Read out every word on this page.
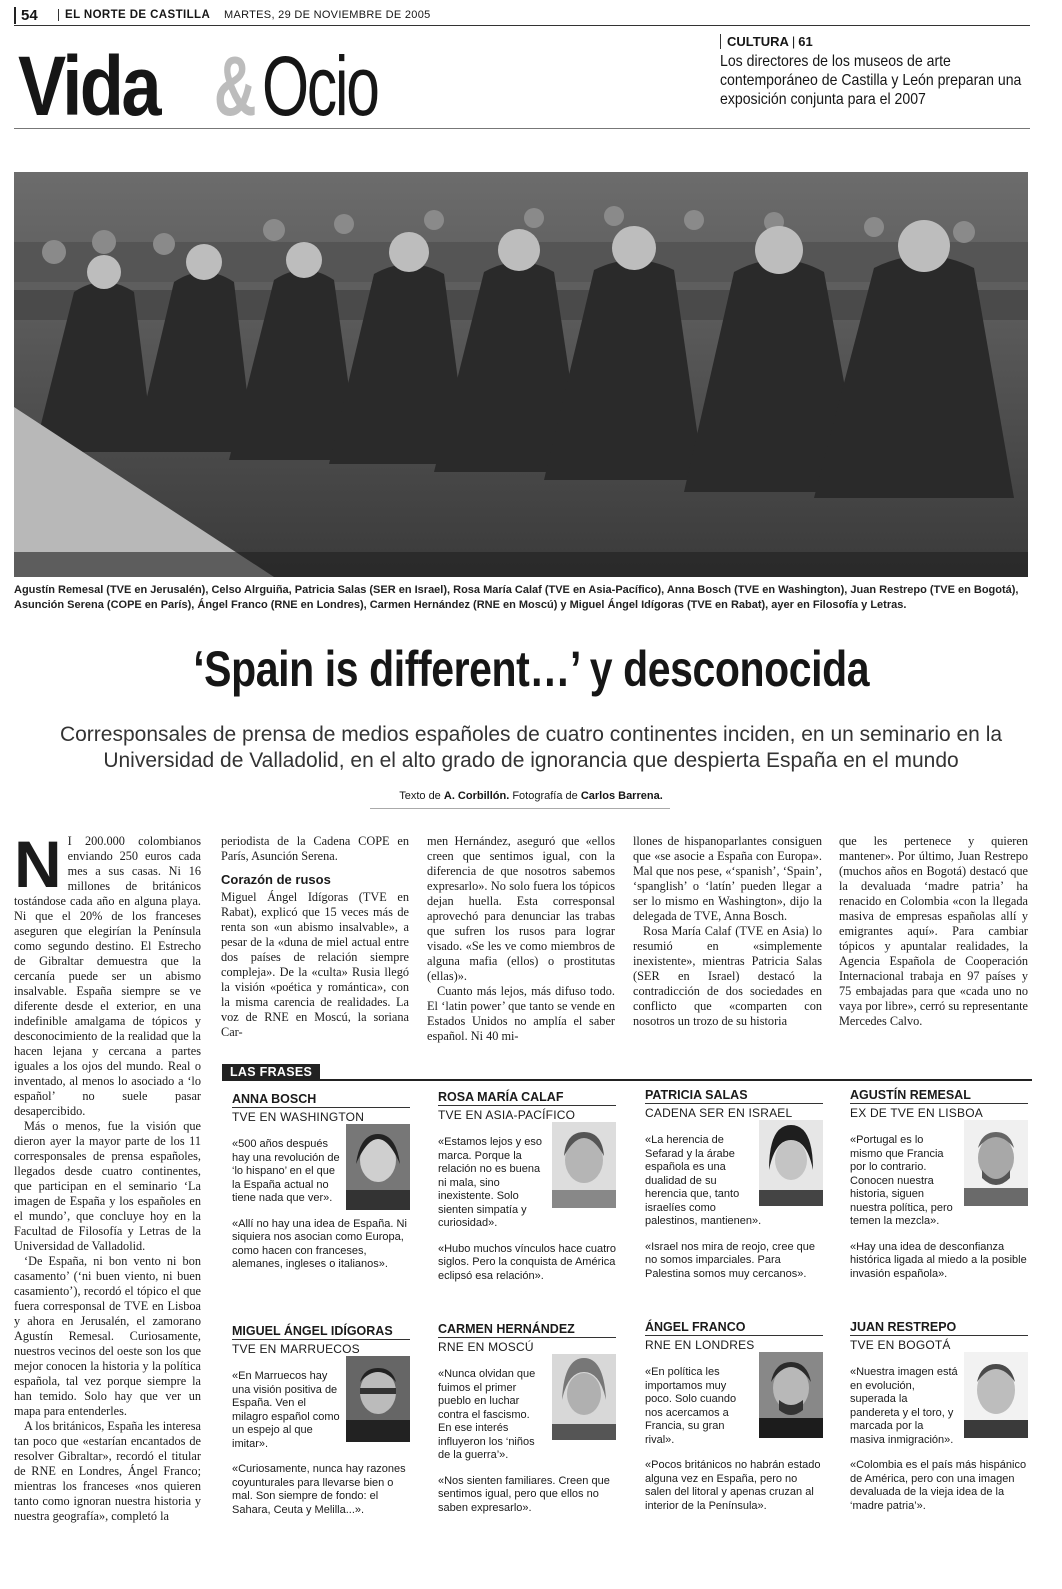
54	EL NORTE DE CASTILLA MARTES, 29 DE NOVIEMBRE DE 2005
Vida & Ocio	CULTURA | 61
Los directores de los museos de arte contemporáneo de Castilla y León preparan una exposición conjunta para el 2007
Agustín Remesal (TVE en Jerusalén), Celso Alrguiña, Patricia Salas (SER en Israel), Rosa María Calaf (TVE en Asia-Pacífico), Anna Bosch (TVE en Washington), Juan Restrepo (TVE en Bogotá), Asunción Serena (COPE en París), Ángel Franco (RNE en Londres), Carmen Hernández (RNE en Moscú) y Miguel Ángel Idígoras (TVE en Rabat), ayer en Filosofía y Letras.
‘Spain is different…’ y desconocida
Corresponsales de prensa de medios españoles de cuatro continentes inciden, en un seminario en la Universidad de Valladolid, en el alto grado de ignorancia que despierta España en el mundo
Texto de A. Corbillón. Fotografía de Carlos Barrena.
N I 200.000 colombianos enviando 250 euros cada mes a sus casas. Ni 16 millones de británicos tostándose cada año en alguna playa. Ni que el 20% de los franceses aseguren que elegirían la Península como segundo destino. El Estrecho de Gibraltar demuestra que la cercanía puede ser un abismo insalvable. España siempre se ve diferente desde el exterior, en una indefinible amalgama de tópicos y desconocimiento de la realidad que la hacen lejana y cercana a partes iguales a los ojos del mundo. Real o inventado, al menos lo asociado a ‘lo español’ no suele pasar desapercibido.

Más o menos, fue la visión que dieron ayer la mayor parte de los 11 corresponsales de prensa españoles, llegados desde cuatro continentes, que participan en el seminario ‘La imagen de España y los españoles en el mundo’, que concluye hoy en la Facultad de Filosofía y Letras de la Universidad de Valladolid.

‘De España, ni bon vento ni bon casamento’ (‘ni buen viento, ni buen casamiento’), recordó el tópico el que fuera corresponsal de TVE en Lisboa y ahora en Jerusalén, el zamorano Agustín Remesal. Curiosamente, nuestros vecinos del oeste son los que mejor conocen la historia y la política española, tal vez porque siempre la han temido. Solo hay que ver un mapa para entenderles.

A los británicos, España les interesa tan poco que «estarían encantados de resolver Gibraltar», recordó el titular de RNE en Londres, Ángel Franco; mientras los franceses «nos quieren tanto como ignoran nuestra historia y nuestra geografía», completó la

periodista de la Cadena COPE en París, Asunción Serena.

Corazón de rusos

Miguel Ángel Idígoras (TVE en Rabat), explicó que 15 veces más de renta son «un abismo insalvable», a pesar de la «duna de miel actual entre dos países de relación siempre compleja». De la «culta» Rusia llegó la visión «poética y romántica», con la misma carencia de realidades. La voz de RNE en Moscú, la soriana Car-

men Hernández, aseguró que «ellos creen que sentimos igual, con la diferencia de que nosotros sabemos expresarlo». No solo fuera los tópicos dejan huella. Esta corresponsal aprovechó para denunciar las trabas que sufren los rusos para lograr visado. «Se les ve como miembros de alguna mafia (ellos) o prostitutas (ellas)».

Cuanto más lejos, más difuso todo. El ‘latin power’ que tanto se vende en Estados Unidos no amplía el saber español. Ni 40 mi-

llones de hispanoparlantes consiguen que «se asocie a España con Europa». Mal que nos pese, «‘spanish’, ‘Spain’, ‘spanglish’ o ‘latín’ pueden llegar a ser lo mismo en Washington», dijo la delegada de TVE, Anna Bosch.

Rosa María Calaf (TVE en Asia) lo resumió en «simplemente inexistente», mientras Patricia Salas (SER en Israel) destacó la contradicción de dos sociedades en conflicto que «comparten con nosotros un trozo de su historia

que les pertenece y quieren mantener». Por último, Juan Restrepo (muchos años en Bogotá) destacó que la devaluada ‘madre patria’ ha renacido en Colombia «con la llegada masiva de empresas españolas allí y emigrantes aquí». Para cambiar tópicos y apuntalar realidades, la Agencia Española de Cooperación Internacional trabaja en 97 países y 75 embajadas para que «cada uno no vaya por libre», cerró su representante Mercedes Calvo.

LAS FRASES
ANNA BOSCH
TVE EN WASHINGTON
«500 años después hay una revolución de ‘lo hispano’ en el que la España actual no tiene nada que ver».
«Allí no hay una idea de España. Ni siquiera nos asocian como Europa, como hacen con franceses, alemanes, ingleses o italianos».
ROSA MARÍA CALAF
TVE EN ASIA-PACÍFICO
«Estamos lejos y eso marca. Porque la relación no es buena ni mala, sino inexistente. Solo sienten simpatía y curiosidad».
«Hubo muchos vínculos hace cuatro siglos. Pero la conquista de América eclipsó esa relación».
PATRICIA SALAS
CADENA SER EN ISRAEL
«La herencia de Sefarad y la árabe española es una dualidad de su herencia que, tanto israelíes como palestinos, mantienen».
«Israel nos mira de reojo, cree que no somos imparciales. Para Palestina somos muy cercanos».
AGUSTÍN REMESAL
EX DE TVE EN LISBOA
«Portugal es lo mismo que Francia por lo contrario. Conocen nuestra historia, siguen nuestra política, pero temen la mezcla».
«Hay una idea de desconfianza histórica ligada al miedo a la posible invasión española».
MIGUEL ÁNGEL IDÍGORAS
TVE EN MARRUECOS
«En Marruecos hay una visión positiva de España. Ven el milagro español como un espejo al que imitar».
«Curiosamente, nunca hay razones coyunturales para llevarse bien o mal. Son siempre de fondo: el Sahara, Ceuta y Melilla...».
CARMEN HERNÁNDEZ
RNE EN MOSCÚ
«Nunca olvidan que fuimos el primer pueblo en luchar contra el fascismo. En ese interés influyeron los ‘niños de la guerra’».
«Nos sienten familiares. Creen que sentimos igual, pero que ellos no saben expresarlo».
ÁNGEL FRANCO
RNE EN LONDRES
«En política les importamos muy poco. Solo cuando nos acercamos a Francia, su gran rival».
«Pocos británicos no habrán estado alguna vez en España, pero no salen del litoral y apenas cruzan al interior de la Península».
JUAN RESTREPO
TVE EN BOGOTÁ
«Nuestra imagen está en evolución, superada la pandereta y el toro, y marcada por la masiva inmigración».
«Colombia es el país más hispánico de América, pero con una imagen devaluada de la vieja idea de la ‘madre patria’».
